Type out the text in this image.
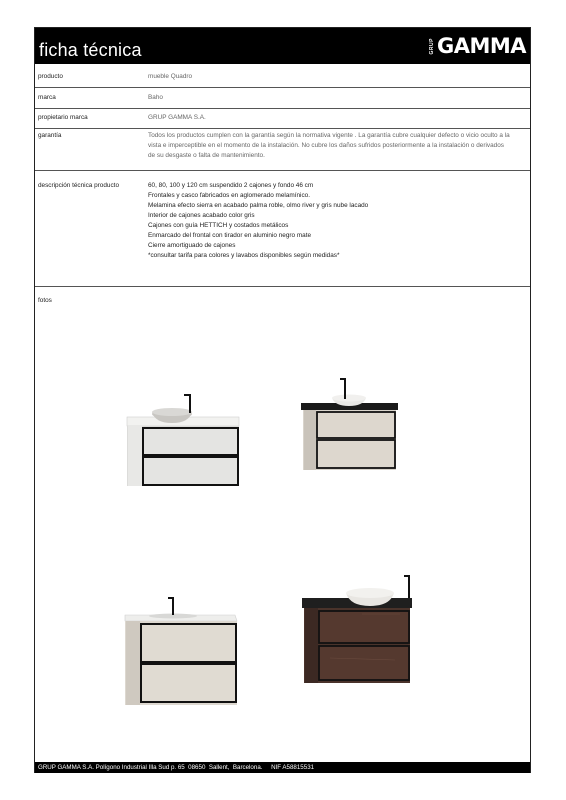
ficha técnica	GRUP GAMMA
producto	mueble Quadro
marca	Baho
propietario marca	GRUP GAMMA S.A.
garantía	Todos los productos cumplen con la garantía según la normativa vigente . La garantía cubre cualquier defecto o vicio oculto a la
vista e imperceptible en el momento de la instalación. No cubre los daños sufridos posteriormente a la instalación o derivados
de su desgaste o falta de mantenimiento.
descripción técnica producto	60, 80, 100 y 120 cm suspendido 2 cajones y fondo 46 cm
Frontales y casco fabricados en aglomerado melamínico.
Melamina efecto sierra en acabado palma roble, olmo river y gris nube lacado
Interior de cajones acabado color gris
Cajones con guía HETTICH y costados metálicos
Enmarcado del frontal con tirador en aluminio negro mate
Cierre amortiguado de cajones
*consultar tarifa para colores y lavabos disponibles según medidas*
fotos
GRUP GAMMA S.A. Polígono Industrial Illa Sud p. 65  08650  Sallent,  Barcelona.     NIF A58815531
